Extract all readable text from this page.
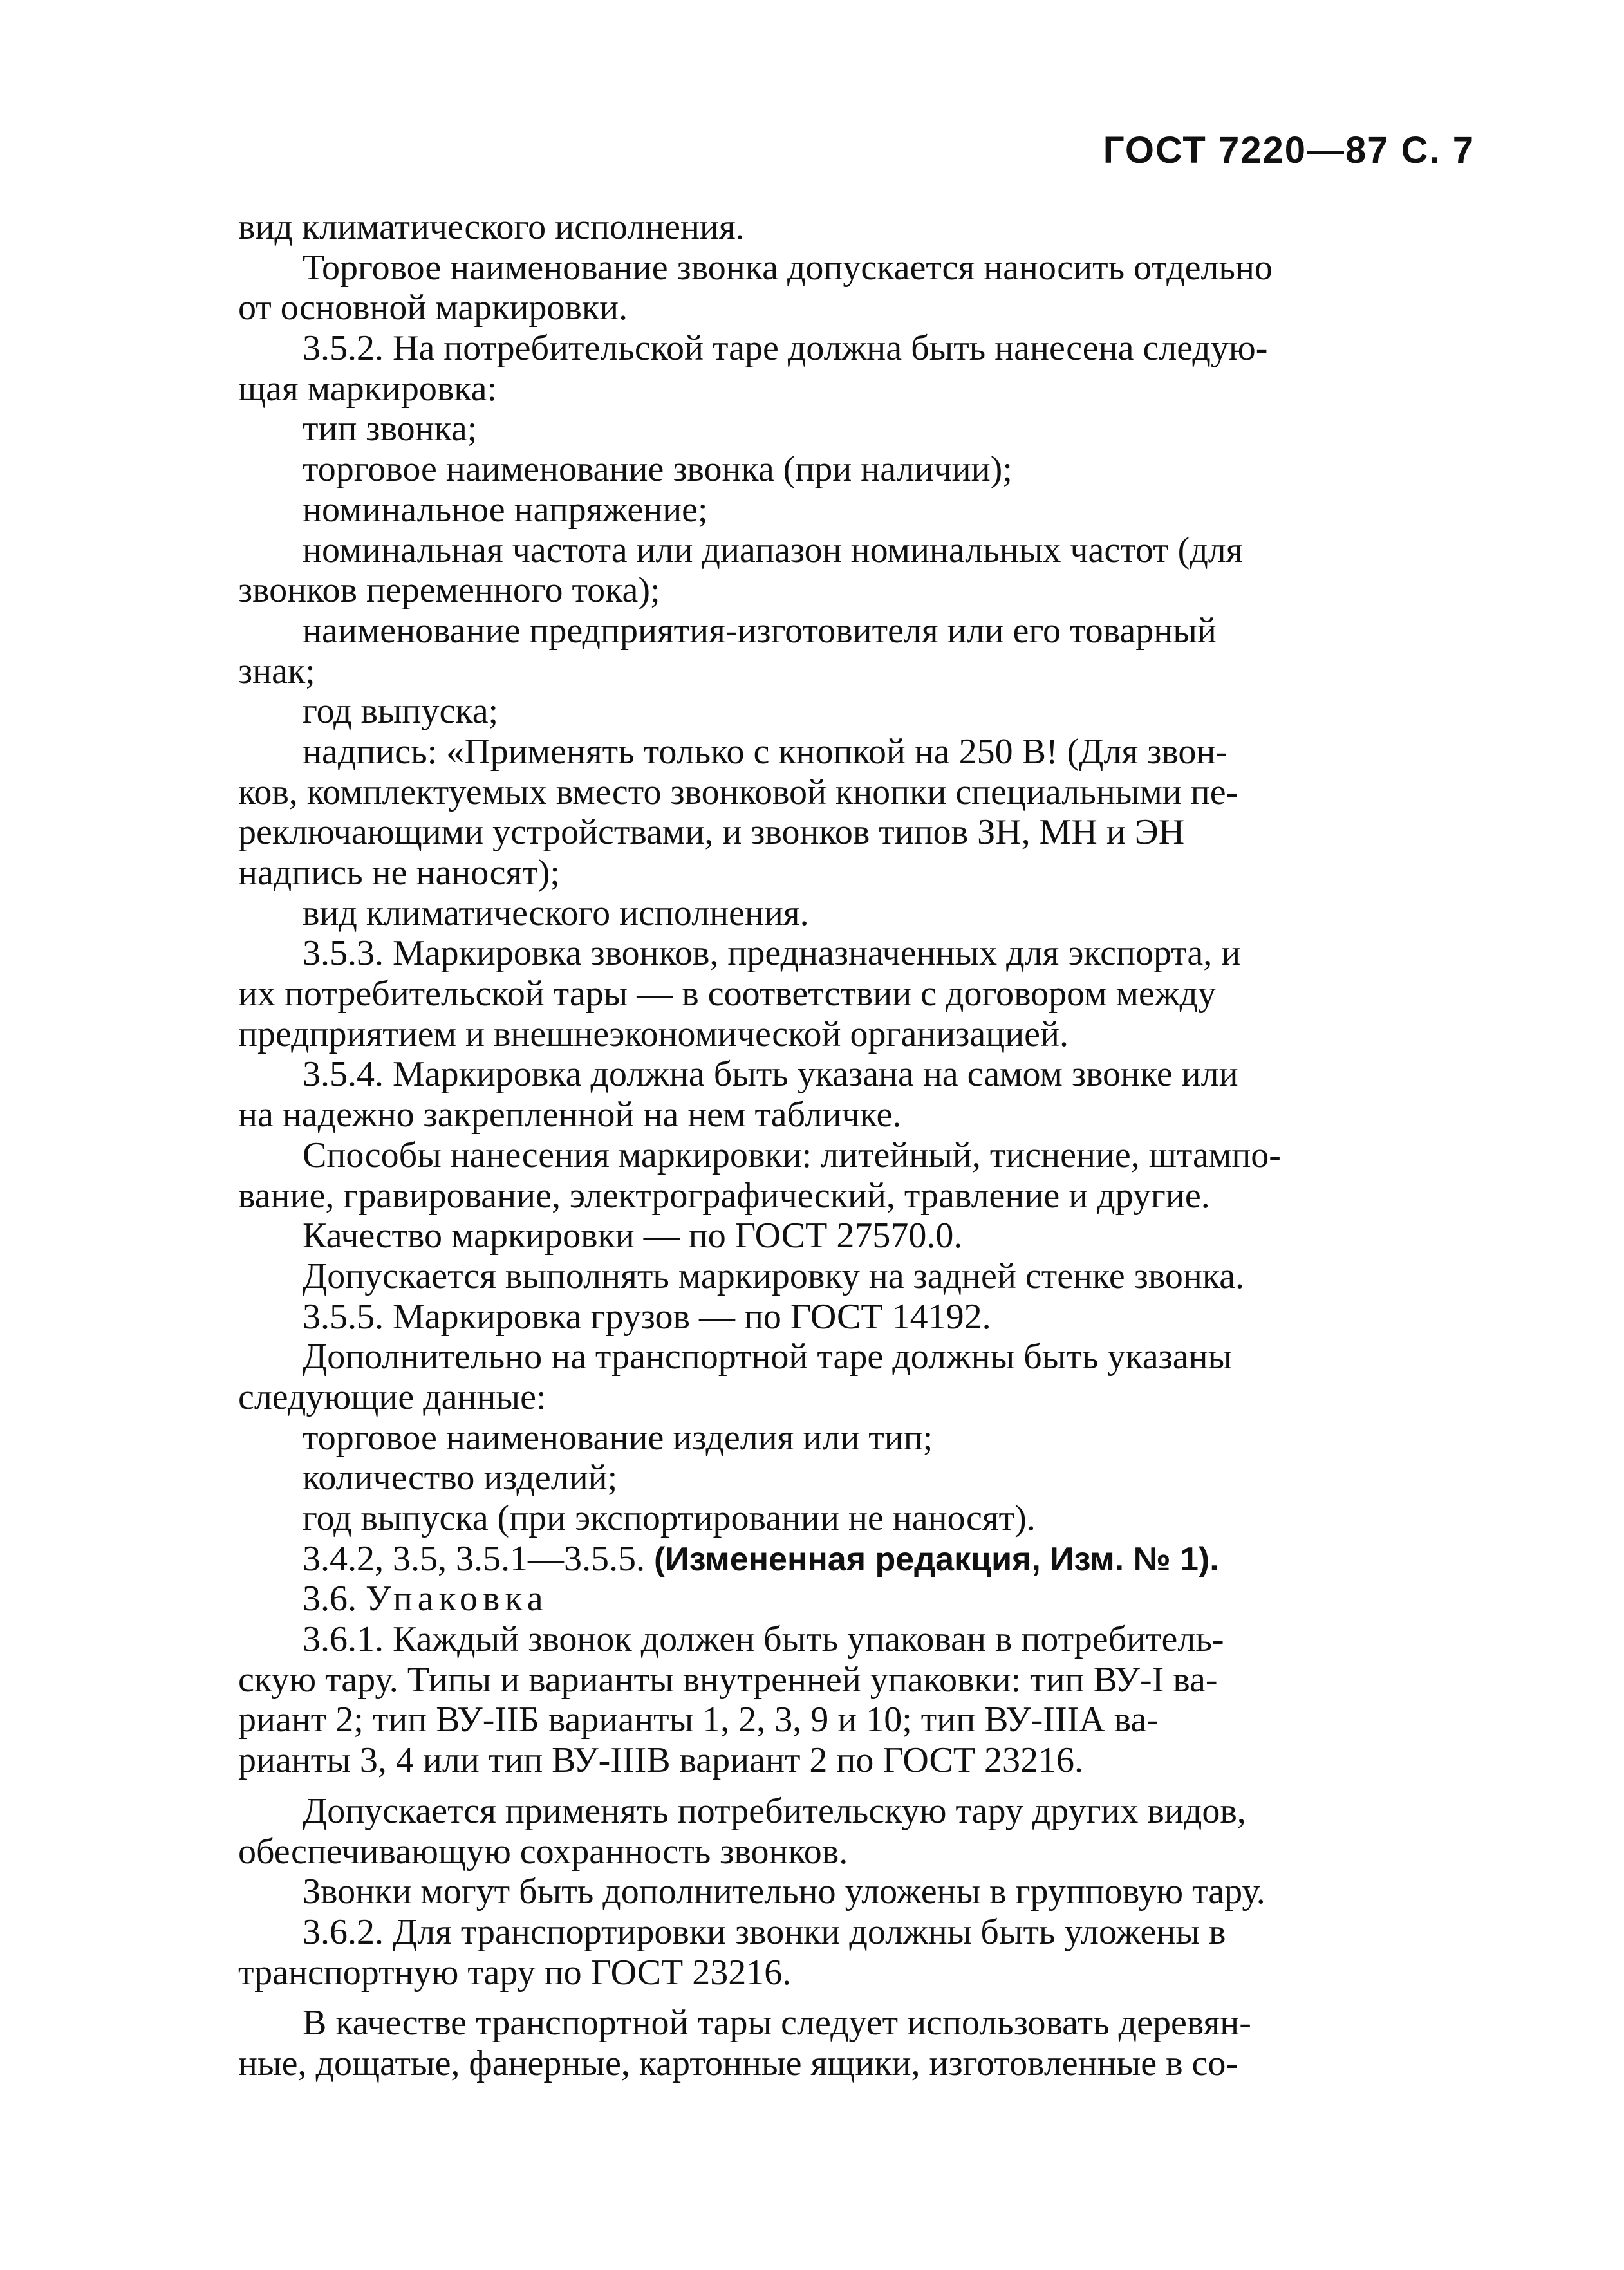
ГОСТ 7220—87 С. 7
вид климатического исполнения.
Торговое наименование звонка допускается наносить отдельно
от основной маркировки.
3.5.2. На потребительской таре должна быть нанесена следую-
щая маркировка:
тип звонка;
торговое наименование звонка (при наличии);
номинальное напряжение;
номинальная частота или диапазон номинальных частот (для
звонков переменного тока);
наименование предприятия-изготовителя или его товарный
знак;
год выпуска;
надпись: «Применять только с кнопкой на 250 В! (Для звон-
ков, комплектуемых вместо звонковой кнопки специальными пе-
реключающими устройствами, и звонков типов ЗН, МН и ЭН
надпись не наносят);
вид климатического исполнения.
3.5.3. Маркировка звонков, предназначенных для экспорта, и
их потребительской тары — в соответствии с договором между
предприятием и внешнеэкономической организацией.
3.5.4. Маркировка должна быть указана на самом звонке или
на надежно закрепленной на нем табличке.
Способы нанесения маркировки: литейный, тиснение, штампо-
вание, гравирование, электрографический, травление и другие.
Качество маркировки — по ГОСТ 27570.0.
Допускается выполнять маркировку на задней стенке звонка.
3.5.5. Маркировка грузов — по ГОСТ 14192.
Дополнительно на транспортной таре должны быть указаны
следующие данные:
торговое наименование изделия или тип;
количество изделий;
год выпуска (при экспортировании не наносят).
3.4.2, 3.5, 3.5.1—3.5.5. (Измененная редакция, Изм. № 1).
3.6. Упаковка
3.6.1. Каждый звонок должен быть упакован в потребитель-
скую тару. Типы и варианты внутренней упаковки: тип ВУ-I ва-
риант 2; тип ВУ-IIБ варианты 1, 2, 3, 9 и 10; тип ВУ-IIIА ва-
рианты 3, 4 или тип ВУ-IIIВ вариант 2 по ГОСТ 23216.
Допускается применять потребительскую тару других видов,
обеспечивающую сохранность звонков.
Звонки могут быть дополнительно уложены в групповую тару.
3.6.2. Для транспортировки звонки должны быть уложены в
транспортную тару по ГОСТ 23216.
В качестве транспортной тары следует использовать деревян-
ные, дощатые, фанерные, картонные ящики, изготовленные в со-
